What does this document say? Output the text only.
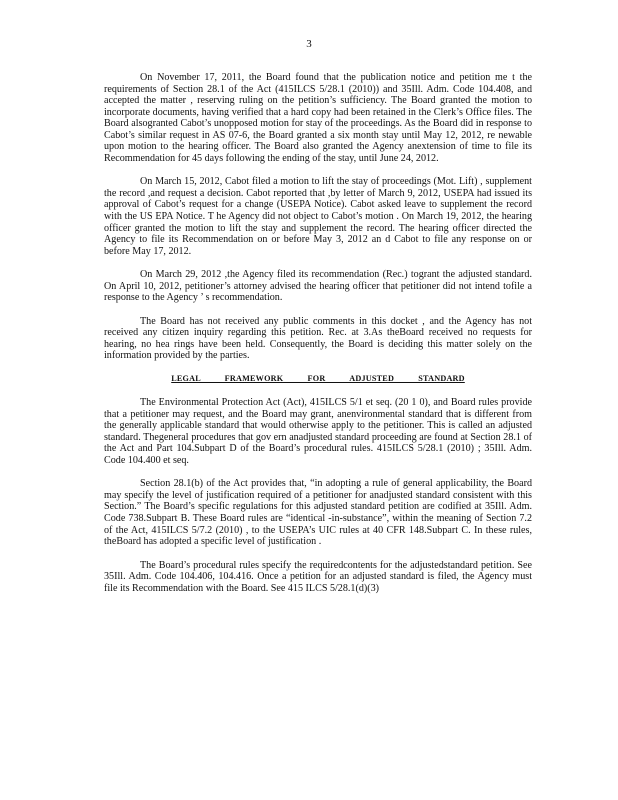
3

On November 17, 2011, the Board found that the publication notice and petition me t the requirements of Section 28.1 of the Act (415ILCS 5/28.1 (2010)) and 35Ill. Adm. Code 104.408, and accepted the matter , reserving ruling on the petition’s sufficiency. The Board granted the motion to incorporate documents, having verified that a hard copy had been retained in the Clerk’s Office files. The Board alsogranted Cabot’s unopposed motion for stay of the proceedings. As the Board did in response to Cabot’s similar request in AS 07-6, the Board granted a six month stay until May 12, 2012, re newable upon motion to the hearing officer. The Board also granted the Agency anextension of time to file its Recommendation for 45 days following the ending of the stay, until June 24, 2012.

On March 15, 2012, Cabot filed a motion to lift the stay of proceedings (Mot. Lift) , supplement the record ,and request a decision. Cabot reported that ,by letter of March 9, 2012, USEPA had issued its approval of Cabot’s request for a change (USEPA Notice). Cabot asked leave to supplement the record with the US EPA Notice. T he Agency did not object to Cabot’s motion . On March 19, 2012, the hearing officer granted the motion to lift the stay and supplement the record. The hearing officer directed the Agency to file its Recommendation on or before May 3, 2012 an d Cabot to file any response on or before May 17, 2012.

On March 29, 2012 ,the Agency filed its recommendation (Rec.) togrant the adjusted standard. On April 10, 2012, petitioner’s attorney advised the hearing officer that petitioner did not intend tofile a response to the Agency ’ s recommendation.

The Board has not received any public comments in this docket , and the Agency has not received any citizen inquiry regarding this petition. Rec. at 3.As theBoard received no requests for hearing, no hea rings have been held. Consequently, the Board is deciding this matter solely on the information provided by the parties.

LEGAL FRAMEWORK FOR ADJUSTED STANDARD

The Environmental Protection Act (Act), 415ILCS 5/1 et seq. (20 1 0), and Board rules provide that a petitioner may request, and the Board may grant, anenvironmental standard that is different from the generally applicable standard that would otherwise apply to the petitioner. This is called an adjusted standard. Thegeneral procedures that gov ern anadjusted standard proceeding are found at Section 28.1 of the Act and Part 104.Subpart D of the Board’s procedural rules. 415ILCS 5/28.1 (2010) ; 35Ill. Adm. Code 104.400 et seq.

Section 28.1(b) of the Act provides that, “in adopting a rule of general applicability, the Board may specify the level of justification required of a petitioner for anadjusted standard consistent with this Section.” The Board’s specific regulations for this adjusted standard petition are codified at 35Ill. Adm. Code 738.Subpart B. These Board rules are “identical -in-substance”, within the meaning of Section 7.2 of the Act, 415ILCS 5/7.2 (2010) , to the USEPA’s UIC rules at 40 CFR 148.Subpart C. In these rules, theBoard has adopted a specific level of justification .

The Board’s procedural rules specify the requiredcontents for the adjustedstandard petition. See 35Ill. Adm. Code 104.406, 104.416. Once a petition for an adjusted standard is filed, the Agency must file its Recommendation with the Board. See 415 ILCS 5/28.1(d)(3)
